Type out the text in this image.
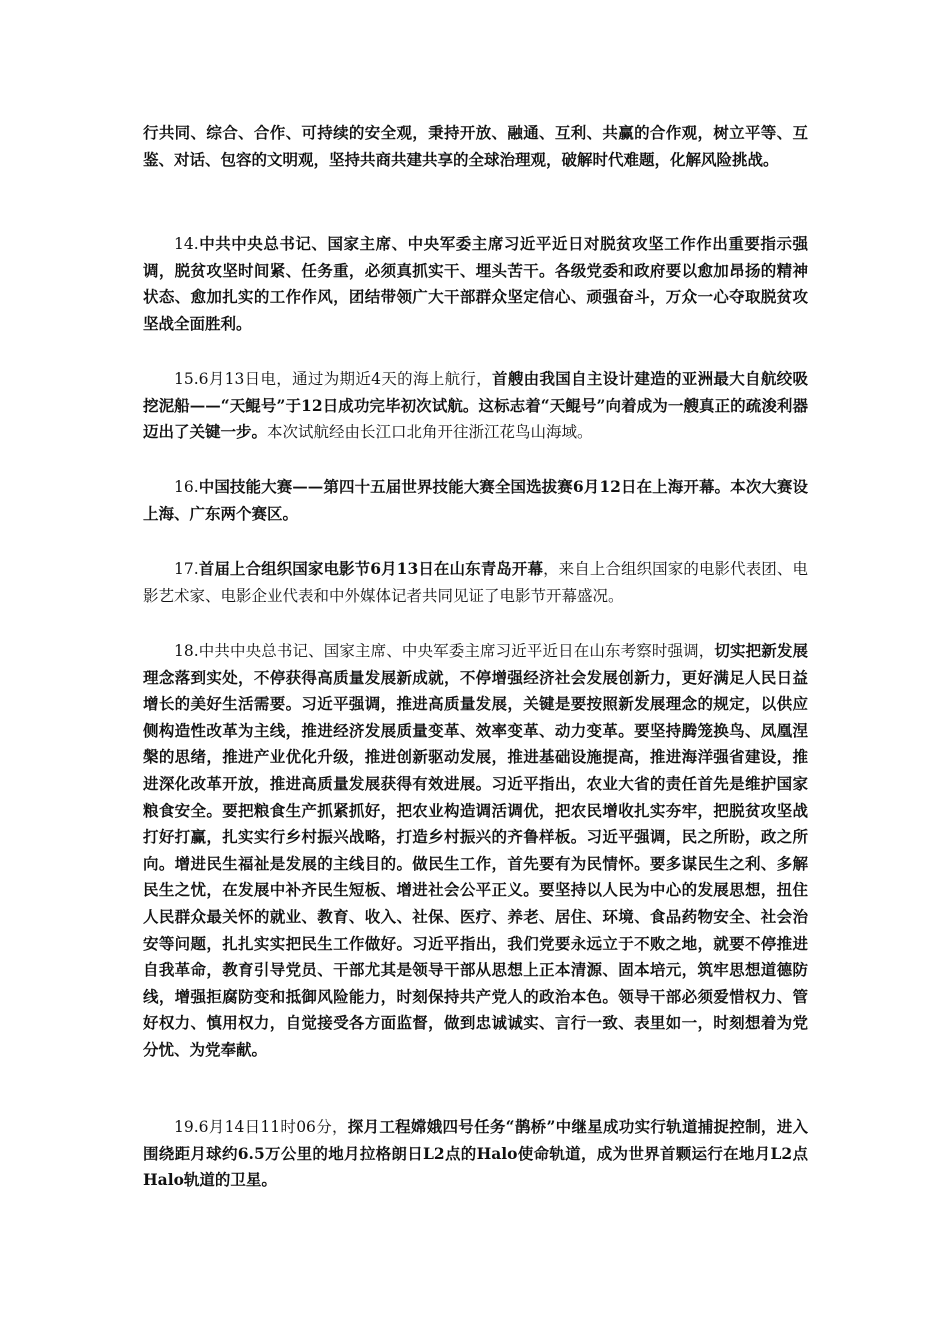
行共同、综合、合作、可持续的安全观，秉持开放、融通、互利、共赢的合作观，树立平等、互鉴、对话、包容的文明观，坚持共商共建共享的全球治理观，破解时代难题，化解风险挑战。

14.中共中央总书记、国家主席、中央军委主席习近平近日对脱贫攻坚工作作出重要指示强调，脱贫攻坚时间紧、任务重，必须真抓实干、埋头苦干。各级党委和政府要以愈加昂扬的精神状态、愈加扎实的工作作风，团结带领广大干部群众坚定信心、顽强奋斗，万众一心夺取脱贫攻坚战全面胜利。

15.6月13日电，通过为期近4天的海上航行，首艘由我国自主设计建造的亚洲最大自航绞吸挖泥船——“天鲲号”于12日成功完毕初次试航。这标志着“天鲲号”向着成为一艘真正的疏浚利器迈出了关键一步。本次试航经由长江口北角开往浙江花鸟山海域。

16.中国技能大赛——第四十五届世界技能大赛全国选拔赛6月12日在上海开幕。本次大赛设上海、广东两个赛区。

17.首届上合组织国家电影节6月13日在山东青岛开幕，来自上合组织国家的电影代表团、电影艺术家、电影企业代表和中外媒体记者共同见证了电影节开幕盛况。

18.中共中央总书记、国家主席、中央军委主席习近平近日在山东考察时强调，切实把新发展理念落到实处，不停获得高质量发展新成就，不停增强经济社会发展创新力，更好满足人民日益增长的美好生活需要。习近平强调，推进高质量发展，关键是要按照新发展理念的规定，以供应侧构造性改革为主线，推进经济发展质量变革、效率变革、动力变革。要坚持腾笼换鸟、凤凰涅槃的思绪，推进产业优化升级，推进创新驱动发展，推进基础设施提高，推进海洋强省建设，推进深化改革开放，推进高质量发展获得有效进展。习近平指出，农业大省的责任首先是维护国家粮食安全。要把粮食生产抓紧抓好，把农业构造调活调优，把农民增收扎实夯牢，把脱贫攻坚战打好打赢，扎实实行乡村振兴战略，打造乡村振兴的齐鲁样板。习近平强调，民之所盼，政之所向。增进民生福祉是发展的主线目的。做民生工作，首先要有为民情怀。要多谋民生之利、多解民生之忧，在发展中补齐民生短板、增进社会公平正义。要坚持以人民为中心的发展思想，扭住人民群众最关怀的就业、教育、收入、社保、医疗、养老、居住、环境、食品药物安全、社会治安等问题，扎扎实实把民生工作做好。习近平指出，我们党要永远立于不败之地，就要不停推进自我革命，教育引导党员、干部尤其是领导干部从思想上正本清源、固本培元，筑牢思想道德防线，增强拒腐防变和抵御风险能力，时刻保持共产党人的政治本色。领导干部必须爱惜权力、管好权力、慎用权力，自觉接受各方面监督，做到忠诚诚实、言行一致、表里如一，时刻想着为党分忧、为党奉献。

19.6月14日11时06分，探月工程嫦娥四号任务“鹊桥”中继星成功实行轨道捕捉控制，进入围绕距月球约6.5万公里的地月拉格朗日L2点的Halo使命轨道，成为世界首颗运行在地月L2点Halo轨道的卫星。
